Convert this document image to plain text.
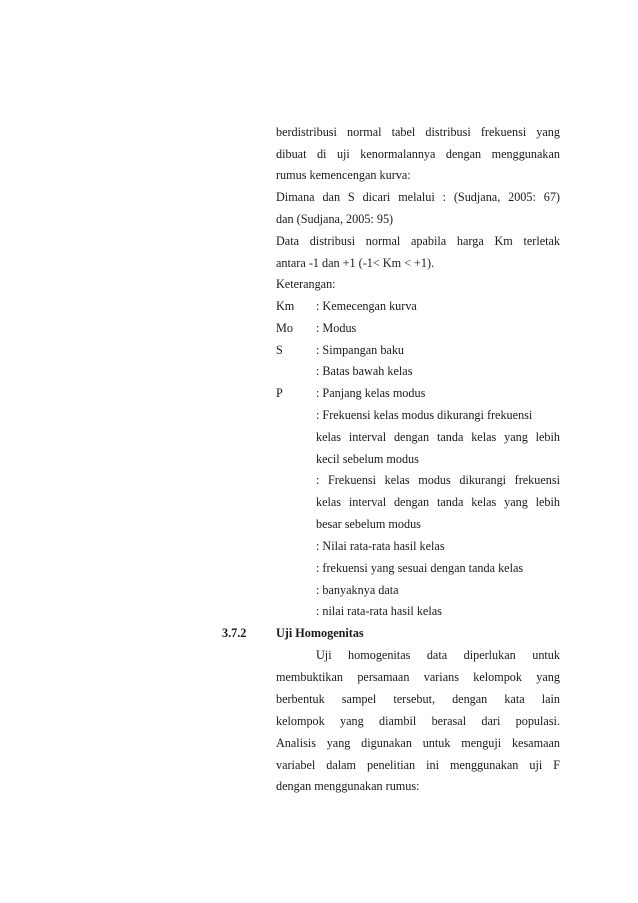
berdistribusi normal tabel distribusi frekuensi yang
dibuat di uji kenormalannya dengan menggunakan
rumus kemencengan kurva:
Dimana dan S dicari melalui : (Sudjana, 2005: 67)
dan (Sudjana, 2005: 95)
Data distribusi normal apabila harga Km terletak
antara -1 dan +1 (-1< Km < +1).
Keterangan:
Km : Kemecengan kurva
Mo : Modus
S	: Simpangan baku
: Batas bawah kelas
P	: Panjang kelas modus
: Frekuensi kelas modus dikurangi frekuensi
kelas interval dengan tanda kelas yang lebih
kecil sebelum modus
: Frekuensi kelas modus dikurangi frekuensi
kelas interval dengan tanda kelas yang lebih
besar sebelum modus
: Nilai rata-rata hasil kelas
: frekuensi yang sesuai dengan tanda kelas
: banyaknya data
: nilai rata-rata hasil kelas
3.7.2 Uji Homogenitas
Uji homogenitas data diperlukan untuk
membuktikan persamaan varians kelompok yang
berbentuk sampel tersebut, dengan kata lain
kelompok yang diambil berasal dari populasi.
Analisis yang digunakan untuk menguji kesamaan
variabel dalam penelitian ini menggunakan uji F
dengan menggunakan rumus:
